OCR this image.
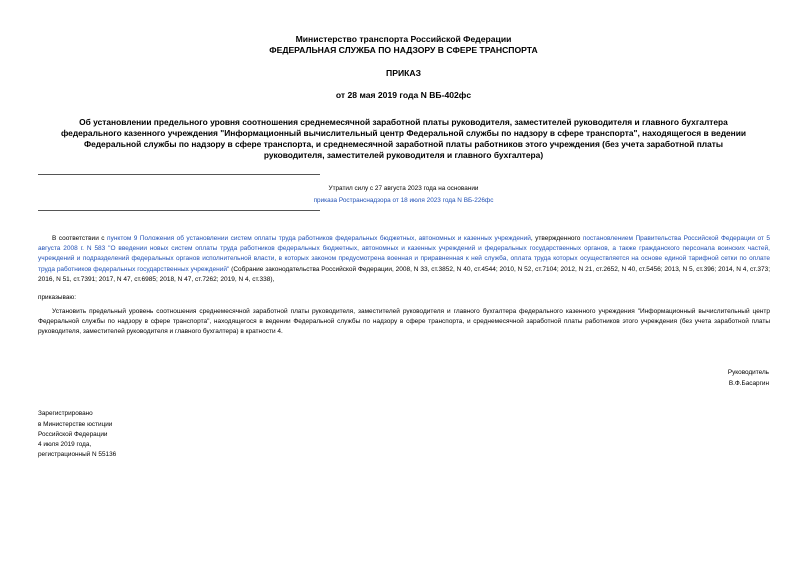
Министерство транспорта Российской Федерации
ФЕДЕРАЛЬНАЯ СЛУЖБА ПО НАДЗОРУ В СФЕРЕ ТРАНСПОРТА
ПРИКАЗ
от 28 мая 2019 года N ВБ-402фс
Об установлении предельного уровня соотношения среднемесячной заработной платы руководителя, заместителей руководителя и главного бухгалтера
федерального казенного учреждения "Информационный вычислительный центр Федеральной службы по надзору в сфере транспорта", находящегося в ведении
Федеральной службы по надзору в сфере транспорта, и среднемесячной заработной платы работников этого учреждения (без учета заработной платы
руководителя, заместителей руководителя и главного бухгалтера)
Утратил силу с 27 августа 2023 года на основании
приказа Ространснадзора от 18 июля 2023 года N ВБ-226фс
В соответствии с пунктом 9 Положения об установлении систем оплаты труда работников федеральных бюджетных, автономных и казенных учреждений, утвержденного постановлением Правительства Российской Федерации от 5 августа 2008 г. N 583 "О введении новых систем оплаты труда работников федеральных бюджетных, автономных и казенных учреждений и федеральных государственных органов, а также гражданского персонала воинских частей, учреждений и подразделений федеральных органов исполнительной власти, в которых законом предусмотрена военная и приравненная к ней служба, оплата труда которых осуществляется на основе единой тарифной сетки по оплате труда работников федеральных государственных учреждений" (Собрание законодательства Российской Федерации, 2008, N 33, ст.3852, N 40, ст.4544; 2010, N 52, ст.7104; 2012, N 21, ст.2652, N 40, ст.5456; 2013, N 5, ст.396; 2014, N 4, ст.373; 2016, N 51, ст.7391; 2017, N 47, ст.6985; 2018, N 47, ст.7262; 2019, N 4, ст.338),
приказываю:
Установить предельный уровень соотношения среднемесячной заработной платы руководителя, заместителей руководителя и главного бухгалтера федерального казенного учреждения "Информационный вычислительный центр Федеральной службы по надзору в сфере транспорта", находящегося в ведении Федеральной службы по надзору в сфере транспорта, и среднемесячной заработной платы работников этого учреждения (без учета заработной платы руководителя, заместителей руководителя и главного бухгалтера) в кратности 4.
Руководитель
В.Ф.Басаргин
Зарегистрировано
в Министерстве юстиции
Российской Федерации
4 июля 2019 года,
регистрационный N 55136
